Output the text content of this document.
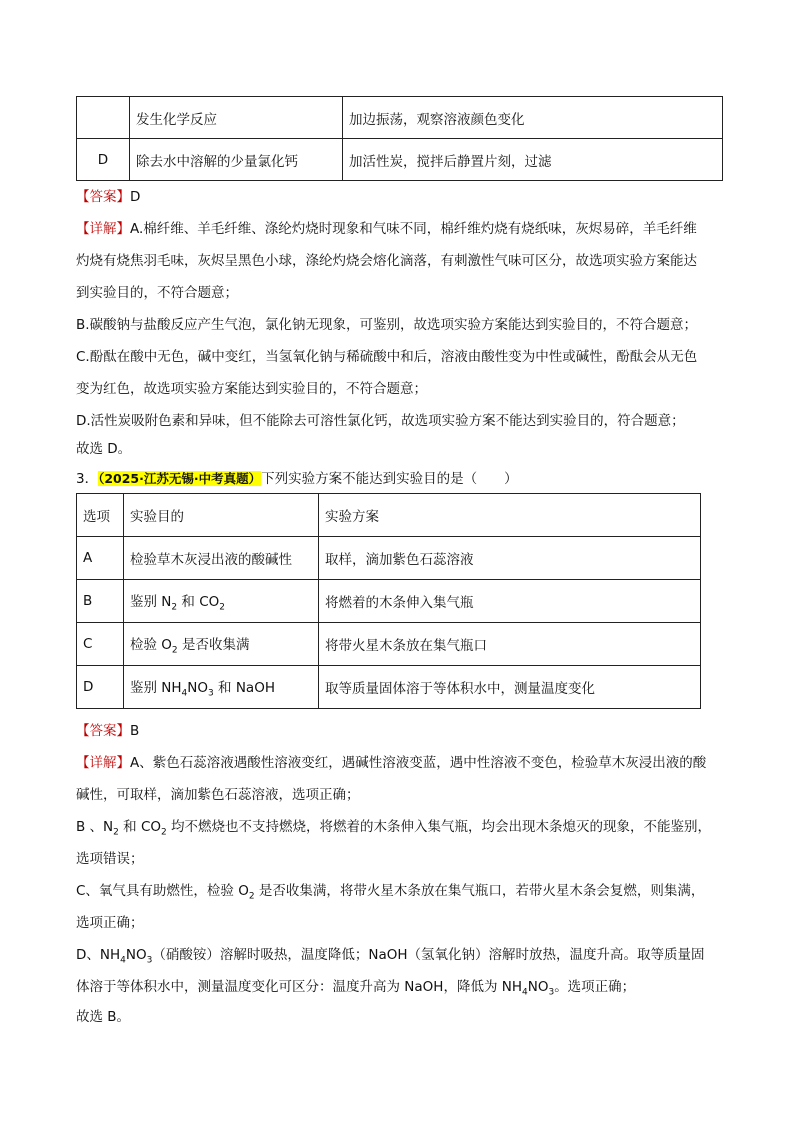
	发生化学反应	加边振荡，观察溶液颜色变化
D	除去水中溶解的少量氯化钙	加活性炭，搅拌后静置片刻，过滤
【答案】D
【详解】A.棉纤维、羊毛纤维、涤纶灼烧时现象和气味不同，棉纤维灼烧有烧纸味，灰烬易碎，羊毛纤维
灼烧有烧焦羽毛味，灰烬呈黑色小球，涤纶灼烧会熔化滴落，有刺激性气味可区分，故选项实验方案能达
到实验目的，不符合题意；
B.碳酸钠与盐酸反应产生气泡，氯化钠无现象，可鉴别，故选项实验方案能达到实验目的，不符合题意；
C.酚酞在酸中无色，碱中变红，当氢氧化钠与稀硫酸中和后，溶液由酸性变为中性或碱性，酚酞会从无色
变为红色，故选项实验方案能达到实验目的，不符合题意；
D.活性炭吸附色素和异味，但不能除去可溶性氯化钙，故选项实验方案不能达到实验目的，符合题意；
故选 D。
3．（2025·江苏无锡·中考真题）下列实验方案不能达到实验目的是（　　）
选项	实验目的	实验方案
A	检验草木灰浸出液的酸碱性	取样，滴加紫色石蕊溶液
B	鉴别 $N_2$ 和 $CO_2$	将燃着的木条伸入集气瓶
C	检验 $O_2$ 是否收集满	将带火星木条放在集气瓶口
D	鉴别 $NH_4NO_3$ 和 NaOH	取等质量固体溶于等体积水中，测量温度变化
【答案】B
【详解】A、紫色石蕊溶液遇酸性溶液变红，遇碱性溶液变蓝，遇中性溶液不变色，检验草木灰浸出液的酸
碱性，可取样，滴加紫色石蕊溶液，选项正确；
B 、$N_2$ 和 $CO_2$ 均不燃烧也不支持燃烧，将燃着的木条伸入集气瓶，均会出现木条熄灭的现象，不能鉴别，
选项错误；
C、氧气具有助燃性，检验 $O_2$ 是否收集满，将带火星木条放在集气瓶口，若带火星木条会复燃，则集满，
选项正确；
D、$NH_4NO_3$（硝酸铵）溶解时吸热，温度降低；NaOH（氢氧化钠）溶解时放热，温度升高。取等质量固
体溶于等体积水中，测量温度变化可区分：温度升高为 NaOH，降低为 $NH_4NO_3$。选项正确；
故选 B。
